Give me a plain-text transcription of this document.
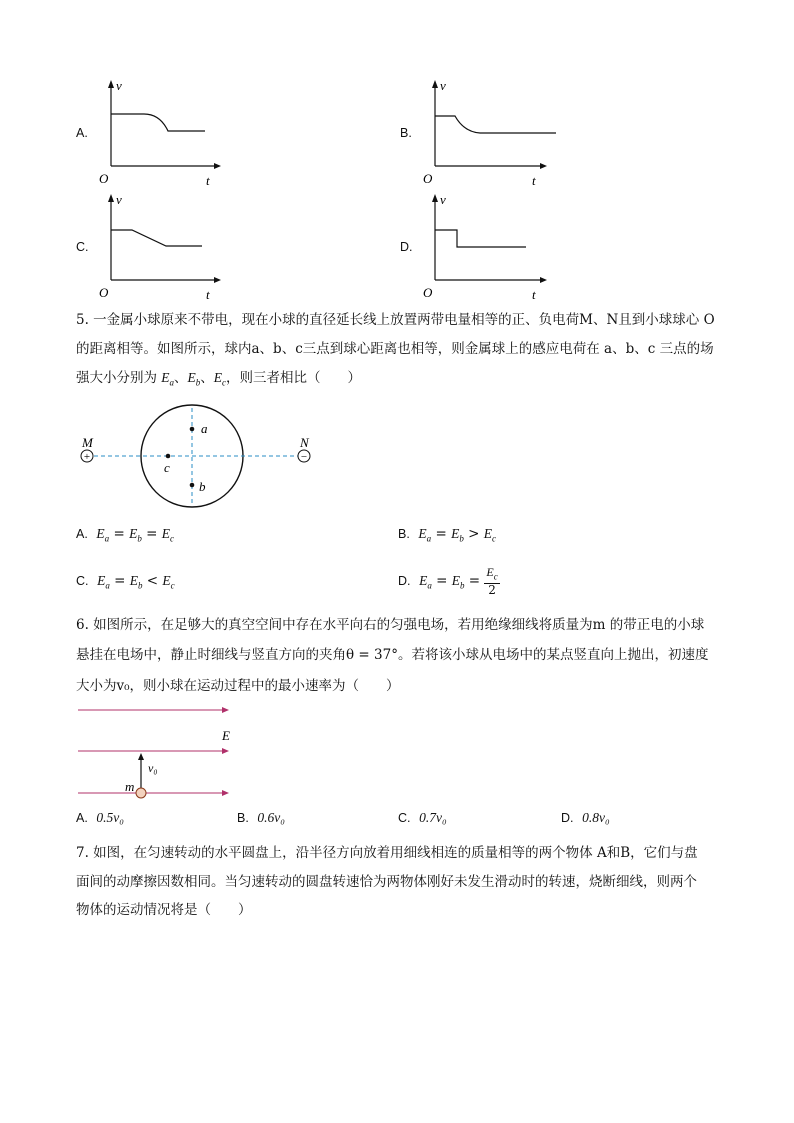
A.
v
t
O
B.
v
t
O
C.
v
t
O
D.
v
t
O
5. 一金属小球原来不带电，现在小球的直径延长线上放置两带电量相等的正、负电荷M、N且到小球球心 O
的距离相等。如图所示，球内a、b、c三点到球心距离也相等，则金属球上的感应电荷在 a、b、c 三点的场
强大小分别为 $E_a$、$E_b$、$E_c$，则三者相比（　　）
+	−
M	N
a
b
c
A. $E_a = E_b = E_c$	B. $E_a = E_b > E_c$
C. $E_a = E_b < E_c$	D. $E_a = E_b = \frac{E_c}{2}$
6. 如图所示，在足够大的真空空间中存在水平向右的匀强电场，若用绝缘细线将质量为m 的带正电的小球
悬挂在电场中，静止时细线与竖直方向的夹角θ = 37°。若将该小球从电场中的某点竖直向上抛出，初速度
大小为v₀，则小球在运动过程中的最小速率为（　　）
E
m
v₀
A. 0.5v₀	B. 0.6v₀	C. 0.7v₀	D. 0.8v₀
7. 如图，在匀速转动的水平圆盘上，沿半径方向放着用细线相连的质量相等的两个物体 A和B，它们与盘
面间的动摩擦因数相同。当匀速转动的圆盘转速恰为两物体刚好未发生滑动时的转速，烧断细线，则两个
物体的运动情况将是（　　）
